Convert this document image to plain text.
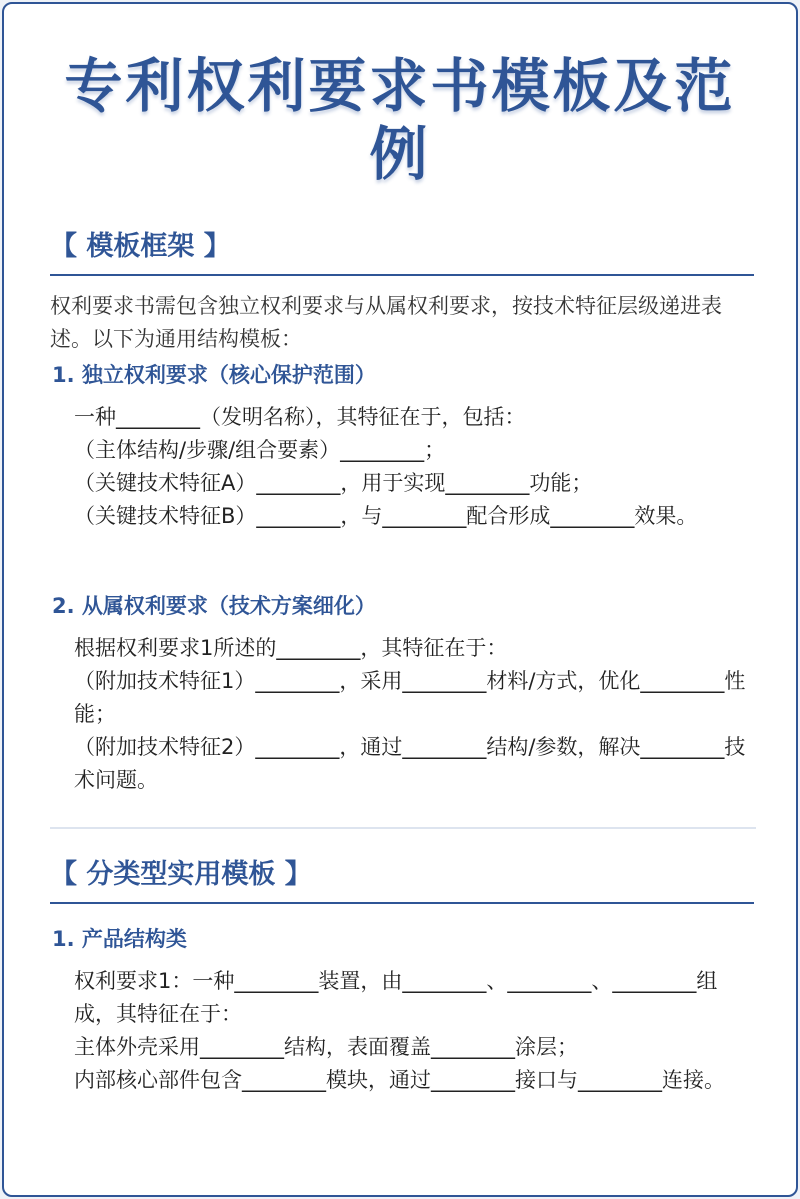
专利权利要求书模板及范例
【 模板框架 】
权利要求书需包含独立权利要求与从属权利要求，按技术特征层级递进表述。以下为通用结构模板：
1. 独立权利要求（核心保护范围）
一种________（发明名称），其特征在于，包括：
（主体结构/步骤/组合要素）________；
（关键技术特征A）________，用于实现________功能；
（关键技术特征B）________，与________配合形成________效果。
2. 从属权利要求（技术方案细化）
根据权利要求1所述的________，其特征在于：
（附加技术特征1）________，采用________材料/方式，优化________性能；
（附加技术特征2）________，通过________结构/参数，解决________技术问题。
【 分类型实用模板 】
1. 产品结构类
权利要求1：一种________装置，由________、________、________组成，其特征在于：
主体外壳采用________结构，表面覆盖________涂层；
内部核心部件包含________模块，通过________接口与________连接。
